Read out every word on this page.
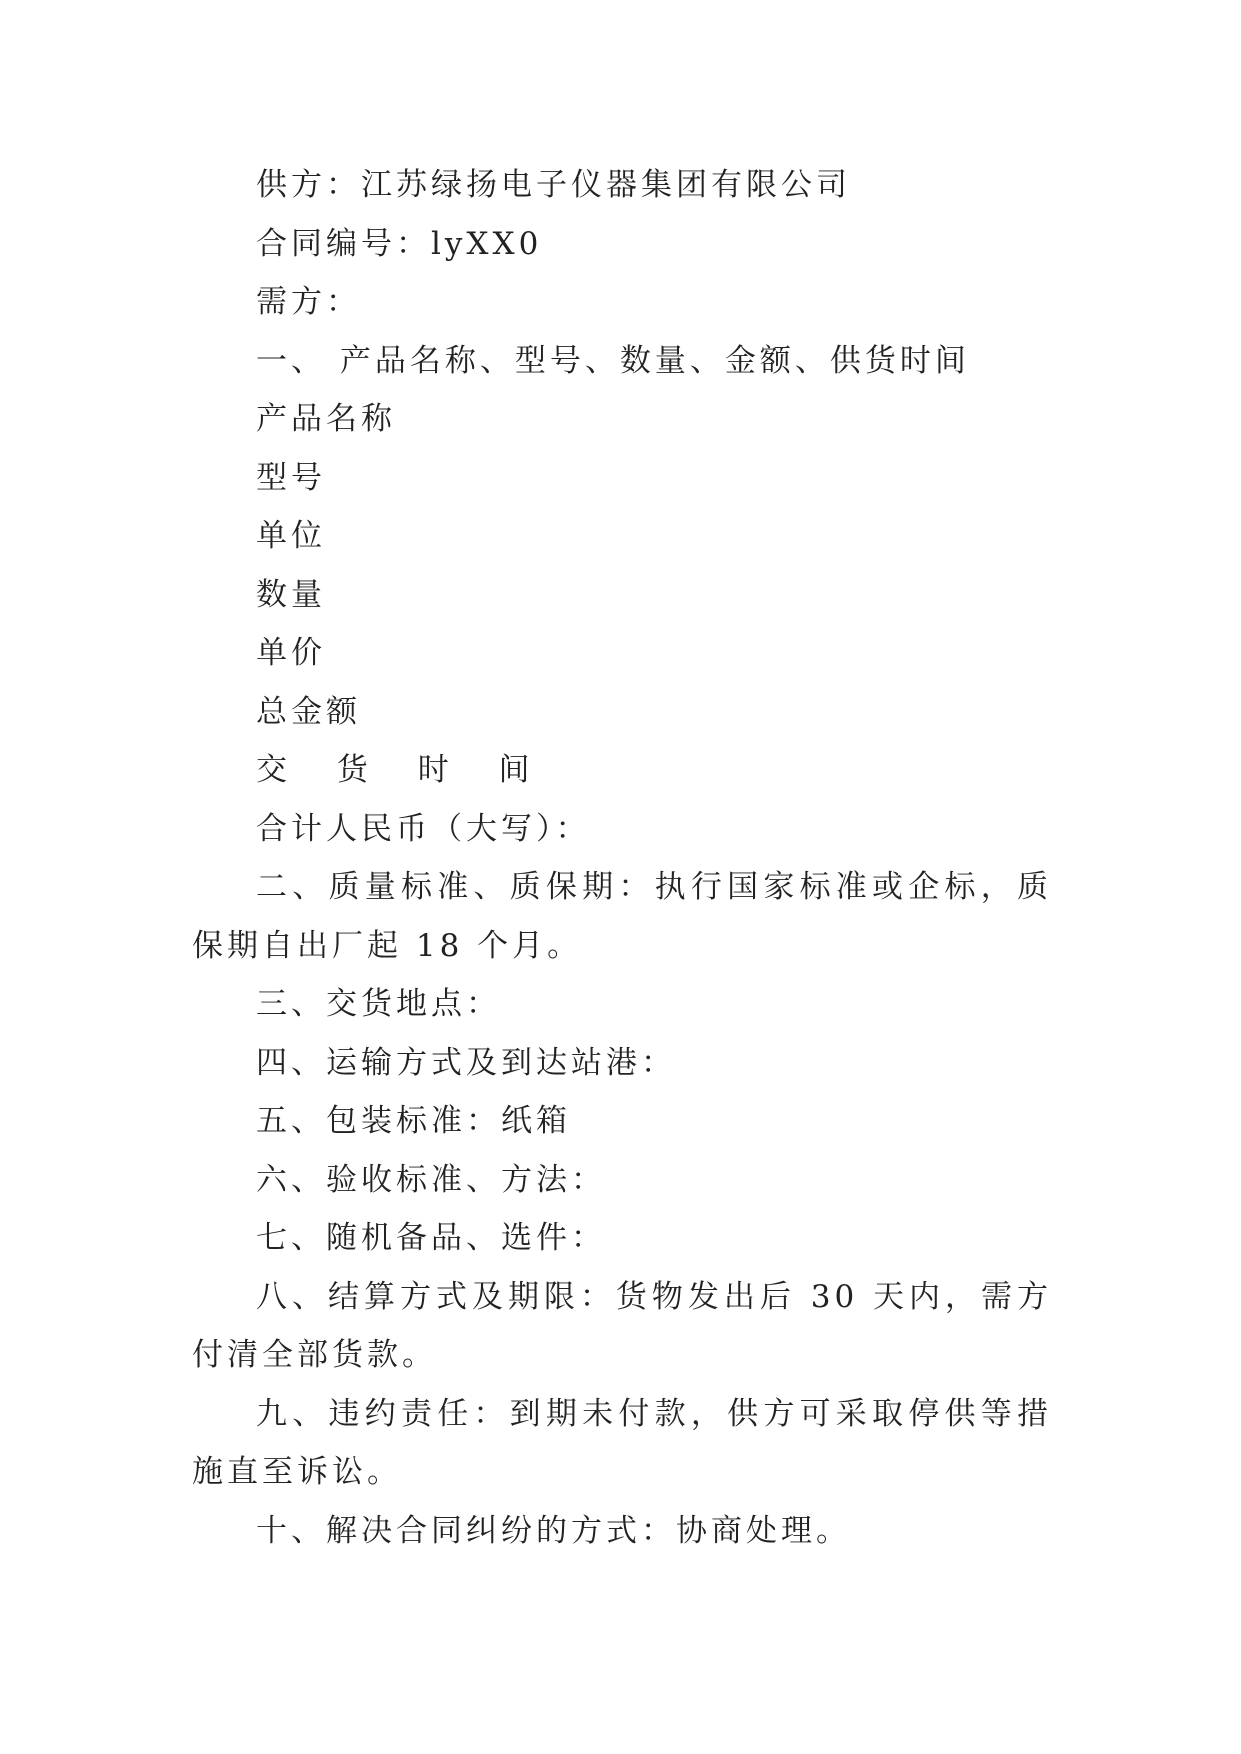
供方：江苏绿扬电子仪器集团有限公司
合同编号：lyXX0
需方：
一、 产品名称、型号、数量、金额、供货时间
产品名称
型号
单位
数量
单价
总金额
交 货 时 间
合计人民币（大写）：
二、质量标准、质保期：执行国家标准或企标，质保期自出厂起 18 个月。
三、交货地点：
四、运输方式及到达站港：
五、包装标准：纸箱
六、验收标准、方法：
七、随机备品、选件：
八、结算方式及期限：货物发出后 30 天内，需方付清全部货款。
九、违约责任：到期未付款，供方可采取停供等措施直至诉讼。
十、解决合同纠纷的方式：协商处理。
